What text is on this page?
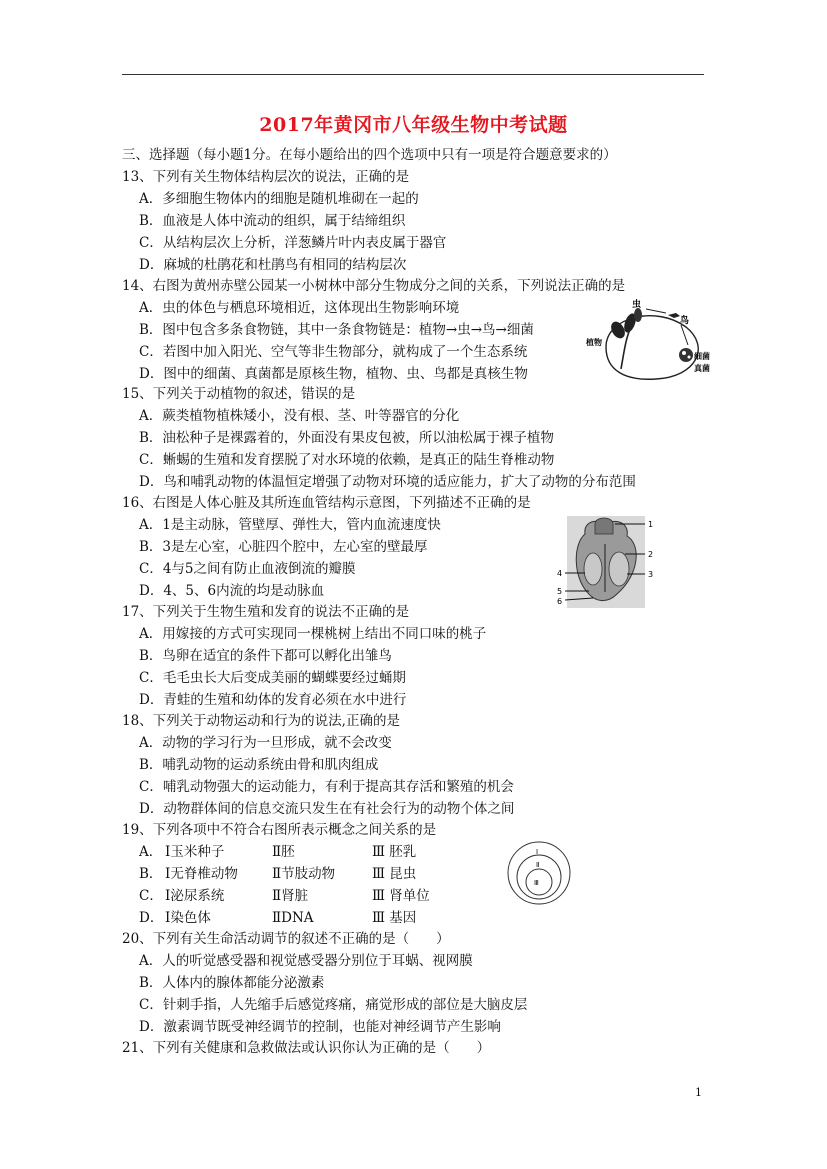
2017年黄冈市八年级生物中考试题
三、选择题（每小题1分。在每小题给出的四个选项中只有一项是符合题意要求的）
13、下列有关生物体结构层次的说法，正确的是
A．多细胞生物体内的细胞是随机堆砌在一起的
B．血液是人体中流动的组织，属于结缔组织
C．从结构层次上分析，洋葱鳞片叶内表皮属于器官
D．麻城的杜鹃花和杜鹃鸟有相同的结构层次
14、右图为黄州赤壁公园某一小树林中部分生物成分之间的关系，下列说法正确的是
A．虫的体色与栖息环境相近，这体现出生物影响环境
B．图中包含多条食物链，其中一条食物链是：植物→虫→鸟→细菌
C．若图中加入阳光、空气等非生物部分，就构成了一个生态系统
D．图中的细菌、真菌都是原核生物，植物、虫、鸟都是真核生物
虫
鸟
植物
细菌
真菌
15、下列关于动植物的叙述，错误的是
A．蕨类植物植株矮小，没有根、茎、叶等器官的分化
B．油松种子是裸露着的，外面没有果皮包被，所以油松属于裸子植物
C．蜥蜴的生殖和发育摆脱了对水环境的依赖，是真正的陆生脊椎动物
D．鸟和哺乳动物的体温恒定增强了动物对环境的适应能力，扩大了动物的分布范围
16、右图是人体心脏及其所连血管结构示意图，下列描述不正确的是
A．1是主动脉，管壁厚、弹性大，管内血流速度快
B．3是左心室，心脏四个腔中，左心室的壁最厚
C．4与5之间有防止血液倒流的瓣膜
D．4、5、6内流的均是动脉血
1
2
3
4
5
6
17、下列关于生物生殖和发育的说法不正确的是
A．用嫁接的方式可实现同一棵桃树上结出不同口味的桃子
B．鸟卵在适宜的条件下都可以孵化出雏鸟
C．毛毛虫长大后变成美丽的蝴蝶要经过蛹期
D．青蛙的生殖和幼体的发育必须在水中进行
18、下列关于动物运动和行为的说法,正确的是
A．动物的学习行为一旦形成，就不会改变
B．哺乳动物的运动系统由骨和肌肉组成
C．哺乳动物强大的运动能力，有利于提高其存活和繁殖的机会
D．动物群体间的信息交流只发生在有社会行为的动物个体之间
19、下列各项中不符合右图所表示概念之间关系的是
A． Ⅰ玉米种子	Ⅱ胚	Ⅲ 胚乳
B． Ⅰ无脊椎动物	Ⅱ节肢动物	Ⅲ 昆虫
C． Ⅰ泌尿系统	Ⅱ肾脏	Ⅲ 肾单位
D． Ⅰ染色体	ⅡDNA	Ⅲ 基因
Ⅰ
Ⅱ
Ⅲ
20、下列有关生命活动调节的叙述不正确的是（　　）
A．人的听觉感受器和视觉感受器分别位于耳蜗、视网膜
B．人体内的腺体都能分泌激素
C．针刺手指，人先缩手后感觉疼痛，痛觉形成的部位是大脑皮层
D．激素调节既受神经调节的控制，也能对神经调节产生影响
21、下列有关健康和急救做法或认识你认为正确的是（　　）
1
